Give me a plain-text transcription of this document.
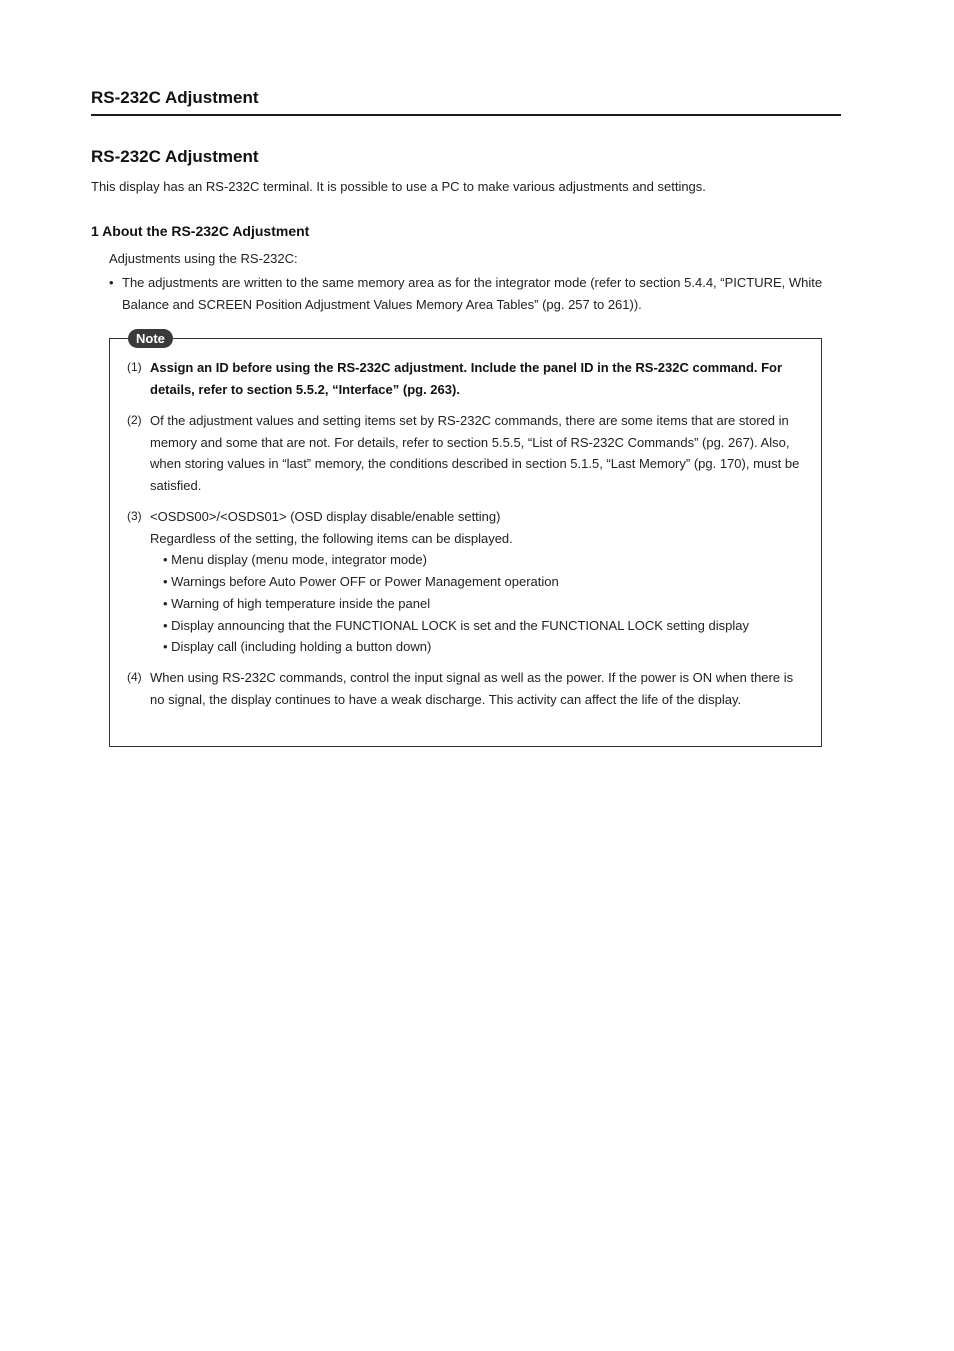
RS-232C Adjustment
RS-232C Adjustment

This display has an RS-232C terminal. It is possible to use a PC to make various adjustments and settings.

1 About the RS-232C Adjustment

Adjustments using the RS-232C:

• The adjustments are written to the same memory area as for the integrator mode (refer to section 5.4.4, “PICTURE, White Balance and SCREEN Position Adjustment Values Memory Area Tables” (pg. 257 to 261)).
Note
(1) Assign an ID before using the RS-232C adjustment. Include the panel ID in the RS-232C command. For details, refer to section 5.5.2, “Interface” (pg. 263).
(2) Of the adjustment values and setting items set by RS-232C commands, there are some items that are stored in memory and some that are not. For details, refer to section 5.5.5, “List of RS-232C Commands” (pg. 267). Also, when storing values in “last” memory, the conditions described in section 5.1.5, “Last Memory” (pg. 170), must be satisfied.
(3) <OSDS00>/<OSDS01> (OSD display disable/enable setting)
Regardless of the setting, the following items can be displayed.
• Menu display (menu mode, integrator mode)
• Warnings before Auto Power OFF or Power Management operation
• Warning of high temperature inside the panel
• Display announcing that the FUNCTIONAL LOCK is set and the FUNCTIONAL LOCK setting display
• Display call (including holding a button down)
(4) When using RS-232C commands, control the input signal as well as the power. If the power is ON when there is no signal, the display continues to have a weak discharge. This activity can affect the life of the display.
